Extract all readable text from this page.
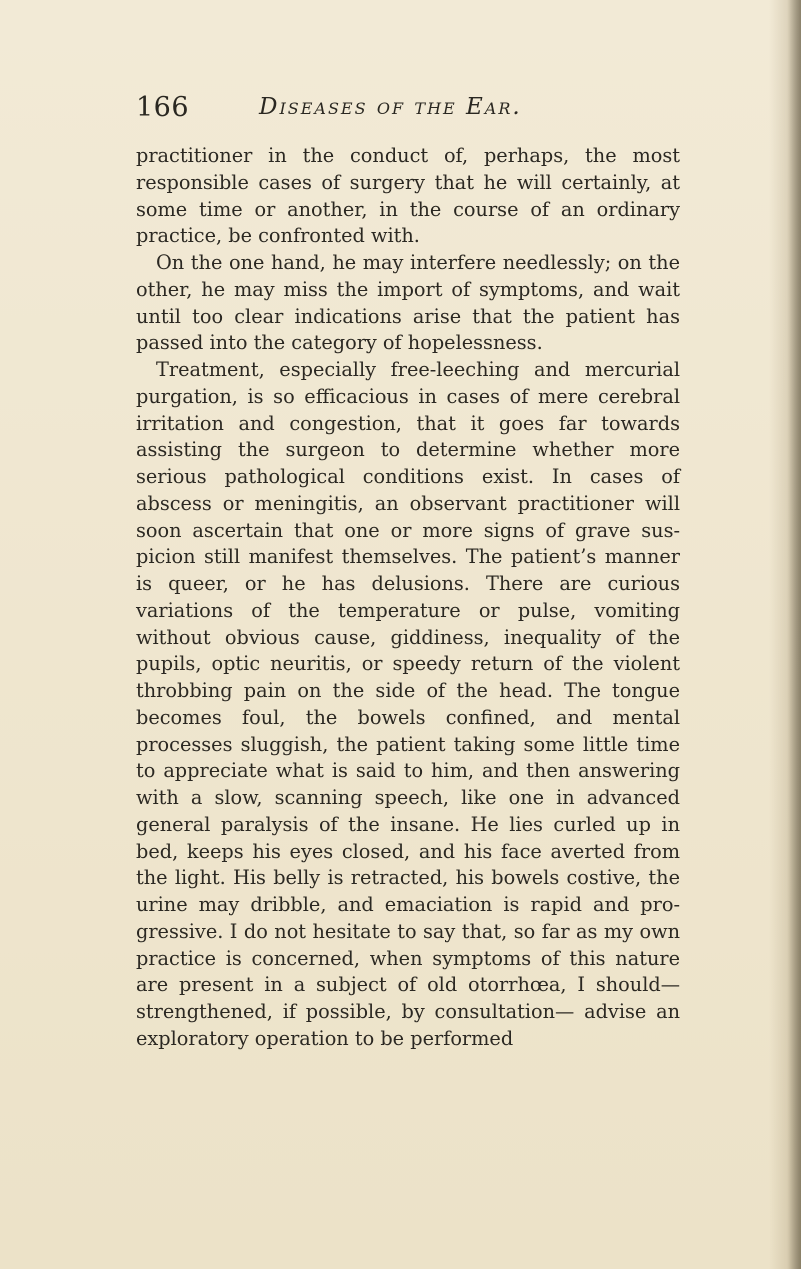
166	Diseases of the Ear.

practitioner in the conduct of, perhaps, the most responsible cases of surgery that he will certainly, at some time or another, in the course of an ordinary practice, be confronted with.

On the one hand, he may interfere needlessly; on the other, he may miss the import of symptoms, and wait until too clear indications arise that the patient has passed into the category of hopelessness.

Treatment, especially free-leeching and mercurial purgation, is so efficacious in cases of mere cerebral irritation and congestion, that it goes far towards assisting the surgeon to determine whether more serious pathological conditions exist. In cases of abscess or meningitis, an observant practitioner will soon ascertain that one or more signs of grave suspicion still manifest themselves. The patient’s manner is queer, or he has delusions. There are curious variations of the temperature or pulse, vomiting without obvious cause, giddiness, inequality of the pupils, optic neuritis, or speedy return of the violent throbbing pain on the side of the head. The tongue becomes foul, the bowels confined, and mental processes sluggish, the patient taking some little time to appreciate what is said to him, and then answering with a slow, scanning speech, like one in advanced general paralysis of the insane. He lies curled up in bed, keeps his eyes closed, and his face averted from the light. His belly is retracted, his bowels costive, the urine may dribble, and emaciation is rapid and progressive. I do not hesitate to say that, so far as my own practice is concerned, when symptoms of this nature are present in a subject of old otorrhœa, I should—strengthened, if possible, by consultation— advise an exploratory operation to be performed
